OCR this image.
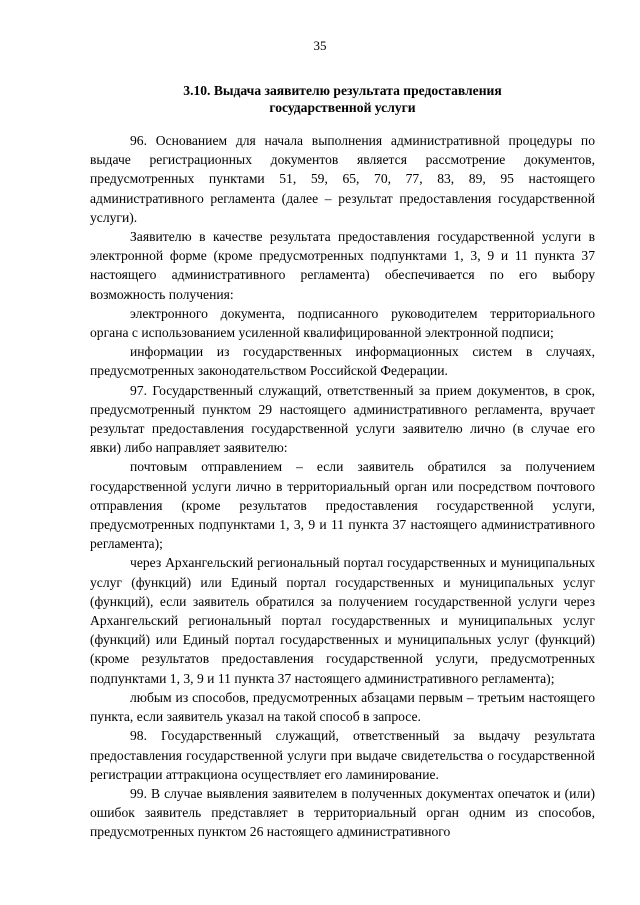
35
3.10. Выдача заявителю результата предоставления
государственной услуги

96. Основанием для начала выполнения административной процедуры по выдаче регистрационных документов является рассмотрение документов, предусмотренных пунктами 51, 59, 65, 70, 77, 83, 89, 95 настоящего административного регламента (далее – результат предоставления государственной услуги).

Заявителю в качестве результата предоставления государственной услуги в электронной форме (кроме предусмотренных подпунктами 1, 3, 9 и 11 пункта 37 настоящего административного регламента) обеспечивается по его выбору возможность получения:

электронного документа, подписанного руководителем территориального органа с использованием усиленной квалифицированной электронной подписи;

информации из государственных информационных систем в случаях, предусмотренных законодательством Российской Федерации.

97. Государственный служащий, ответственный за прием документов, в срок, предусмотренный пунктом 29 настоящего административного регламента, вручает результат предоставления государственной услуги заявителю лично (в случае его явки) либо направляет заявителю:

почтовым отправлением – если заявитель обратился за получением государственной услуги лично в территориальный орган или посредством почтового отправления (кроме результатов предоставления государственной услуги, предусмотренных подпунктами 1, 3, 9 и 11 пункта 37 настоящего административного регламента);

через Архангельский региональный портал государственных и муниципальных услуг (функций) или Единый портал государственных и муниципальных услуг (функций), если заявитель обратился за получением государственной услуги через Архангельский региональный портал государственных и муниципальных услуг (функций) или Единый портал государственных и муниципальных услуг (функций) (кроме результатов предоставления государственной услуги, предусмотренных подпунктами 1, 3, 9 и 11 пункта 37 настоящего административного регламента);

любым из способов, предусмотренных абзацами первым – третьим настоящего пункта, если заявитель указал на такой способ в запросе.

98. Государственный служащий, ответственный за выдачу результата предоставления государственной услуги при выдаче свидетельства о государственной регистрации аттракциона осуществляет его ламинирование.

99. В случае выявления заявителем в полученных документах опечаток и (или) ошибок заявитель представляет в территориальный орган одним из способов, предусмотренных пунктом 26 настоящего административного
